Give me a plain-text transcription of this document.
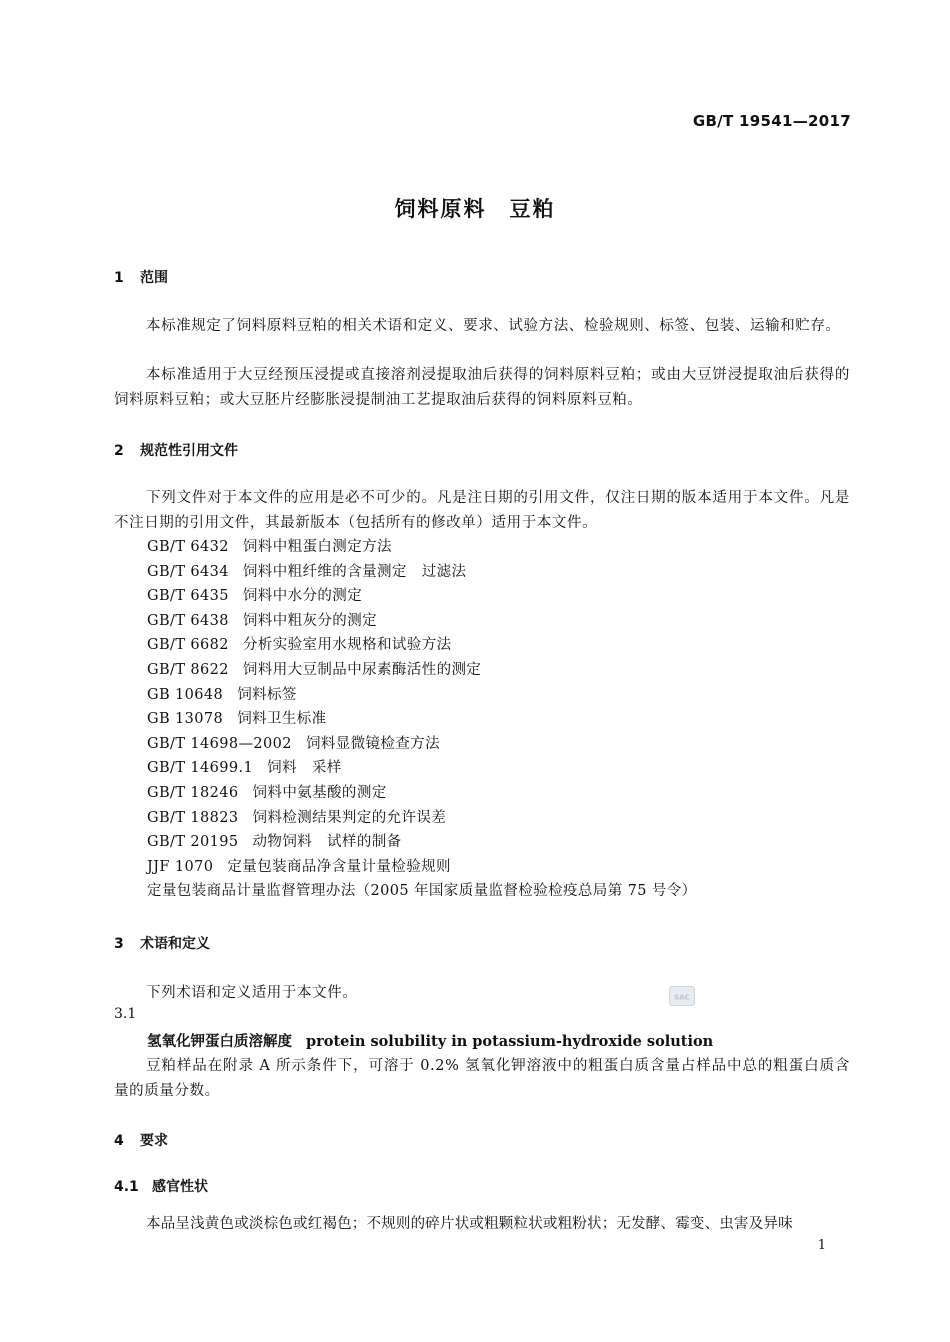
GB/T 19541—2017
饲料原料　豆粕
1 范围

本标准规定了饲料原料豆粕的相关术语和定义、要求、试验方法、检验规则、标签、包装、运输和贮存。

本标准适用于大豆经预压浸提或直接溶剂浸提取油后获得的饲料原料豆粕；或由大豆饼浸提取油后获得的饲料原料豆粕；或大豆胚片经膨胀浸提制油工艺提取油后获得的饲料原料豆粕。

2 规范性引用文件

下列文件对于本文件的应用是必不可少的。凡是注日期的引用文件，仅注日期的版本适用于本文件。凡是不注日期的引用文件，其最新版本（包括所有的修改单）适用于本文件。

GB/T 6432 饲料中粗蛋白测定方法
GB/T 6434 饲料中粗纤维的含量测定　过滤法
GB/T 6435 饲料中水分的测定
GB/T 6438 饲料中粗灰分的测定
GB/T 6682 分析实验室用水规格和试验方法
GB/T 8622 饲料用大豆制品中尿素酶活性的测定
GB 10648 饲料标签
GB 13078 饲料卫生标准
GB/T 14698—2002 饲料显微镜检查方法
GB/T 14699.1 饲料　采样
GB/T 18246 饲料中氨基酸的测定
GB/T 18823 饲料检测结果判定的允许误差
GB/T 20195 动物饲料　试样的制备
JJF 1070 定量包装商品净含量计量检验规则
定量包装商品计量监督管理办法（2005 年国家质量监督检验检疫总局第 75 号令）
3 术语和定义

下列术语和定义适用于本文件。	SAC
3.1
氢氧化钾蛋白质溶解度 protein solubility in potassium-hydroxide solution

豆粕样品在附录 A 所示条件下，可溶于 0.2% 氢氧化钾溶液中的粗蛋白质含量占样品中总的粗蛋白质含量的质量分数。

4 要求
4.1 感官性状

本品呈浅黄色或淡棕色或红褐色；不规则的碎片状或粗颗粒状或粗粉状；无发酵、霉变、虫害及异味

1
